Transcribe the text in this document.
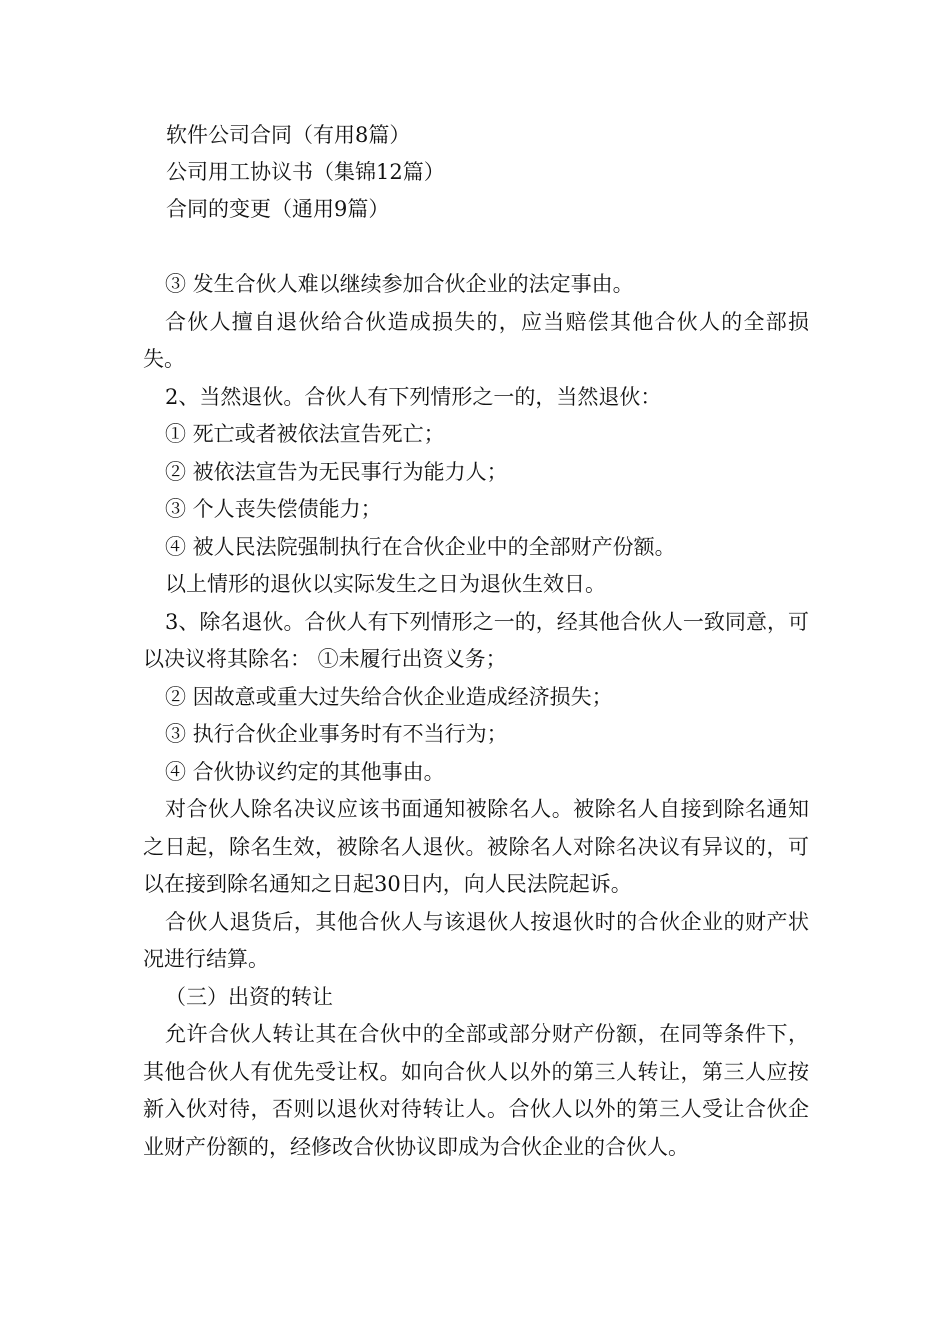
软件公司合同（有用8篇）
公司用工协议书（集锦12篇）
合同的变更（通用9篇）

③ 发生合伙人难以继续参加合伙企业的法定事由。

合伙人擅自退伙给合伙造成损失的，应当赔偿其他合伙人的全部损失。

2、当然退伙。合伙人有下列情形之一的，当然退伙：

① 死亡或者被依法宣告死亡；

② 被依法宣告为无民事行为能力人；

③ 个人丧失偿债能力；

④ 被人民法院强制执行在合伙企业中的全部财产份额。

以上情形的退伙以实际发生之日为退伙生效日。

3、除名退伙。合伙人有下列情形之一的，经其他合伙人一致同意，可以决议将其除名： ①未履行出资义务；

② 因故意或重大过失给合伙企业造成经济损失；

③ 执行合伙企业事务时有不当行为；

④ 合伙协议约定的其他事由。

对合伙人除名决议应该书面通知被除名人。被除名人自接到除名通知之日起，除名生效，被除名人退伙。被除名人对除名决议有异议的，可以在接到除名通知之日起30日内，向人民法院起诉。

合伙人退货后，其他合伙人与该退伙人按退伙时的合伙企业的财产状况进行结算。

（三）出资的转让

允许合伙人转让其在合伙中的全部或部分财产份额，在同等条件下，其他合伙人有优先受让权。如向合伙人以外的第三人转让，第三人应按新入伙对待，否则以退伙对待转让人。合伙人以外的第三人受让合伙企业财产份额的，经修改合伙协议即成为合伙企业的合伙人。
